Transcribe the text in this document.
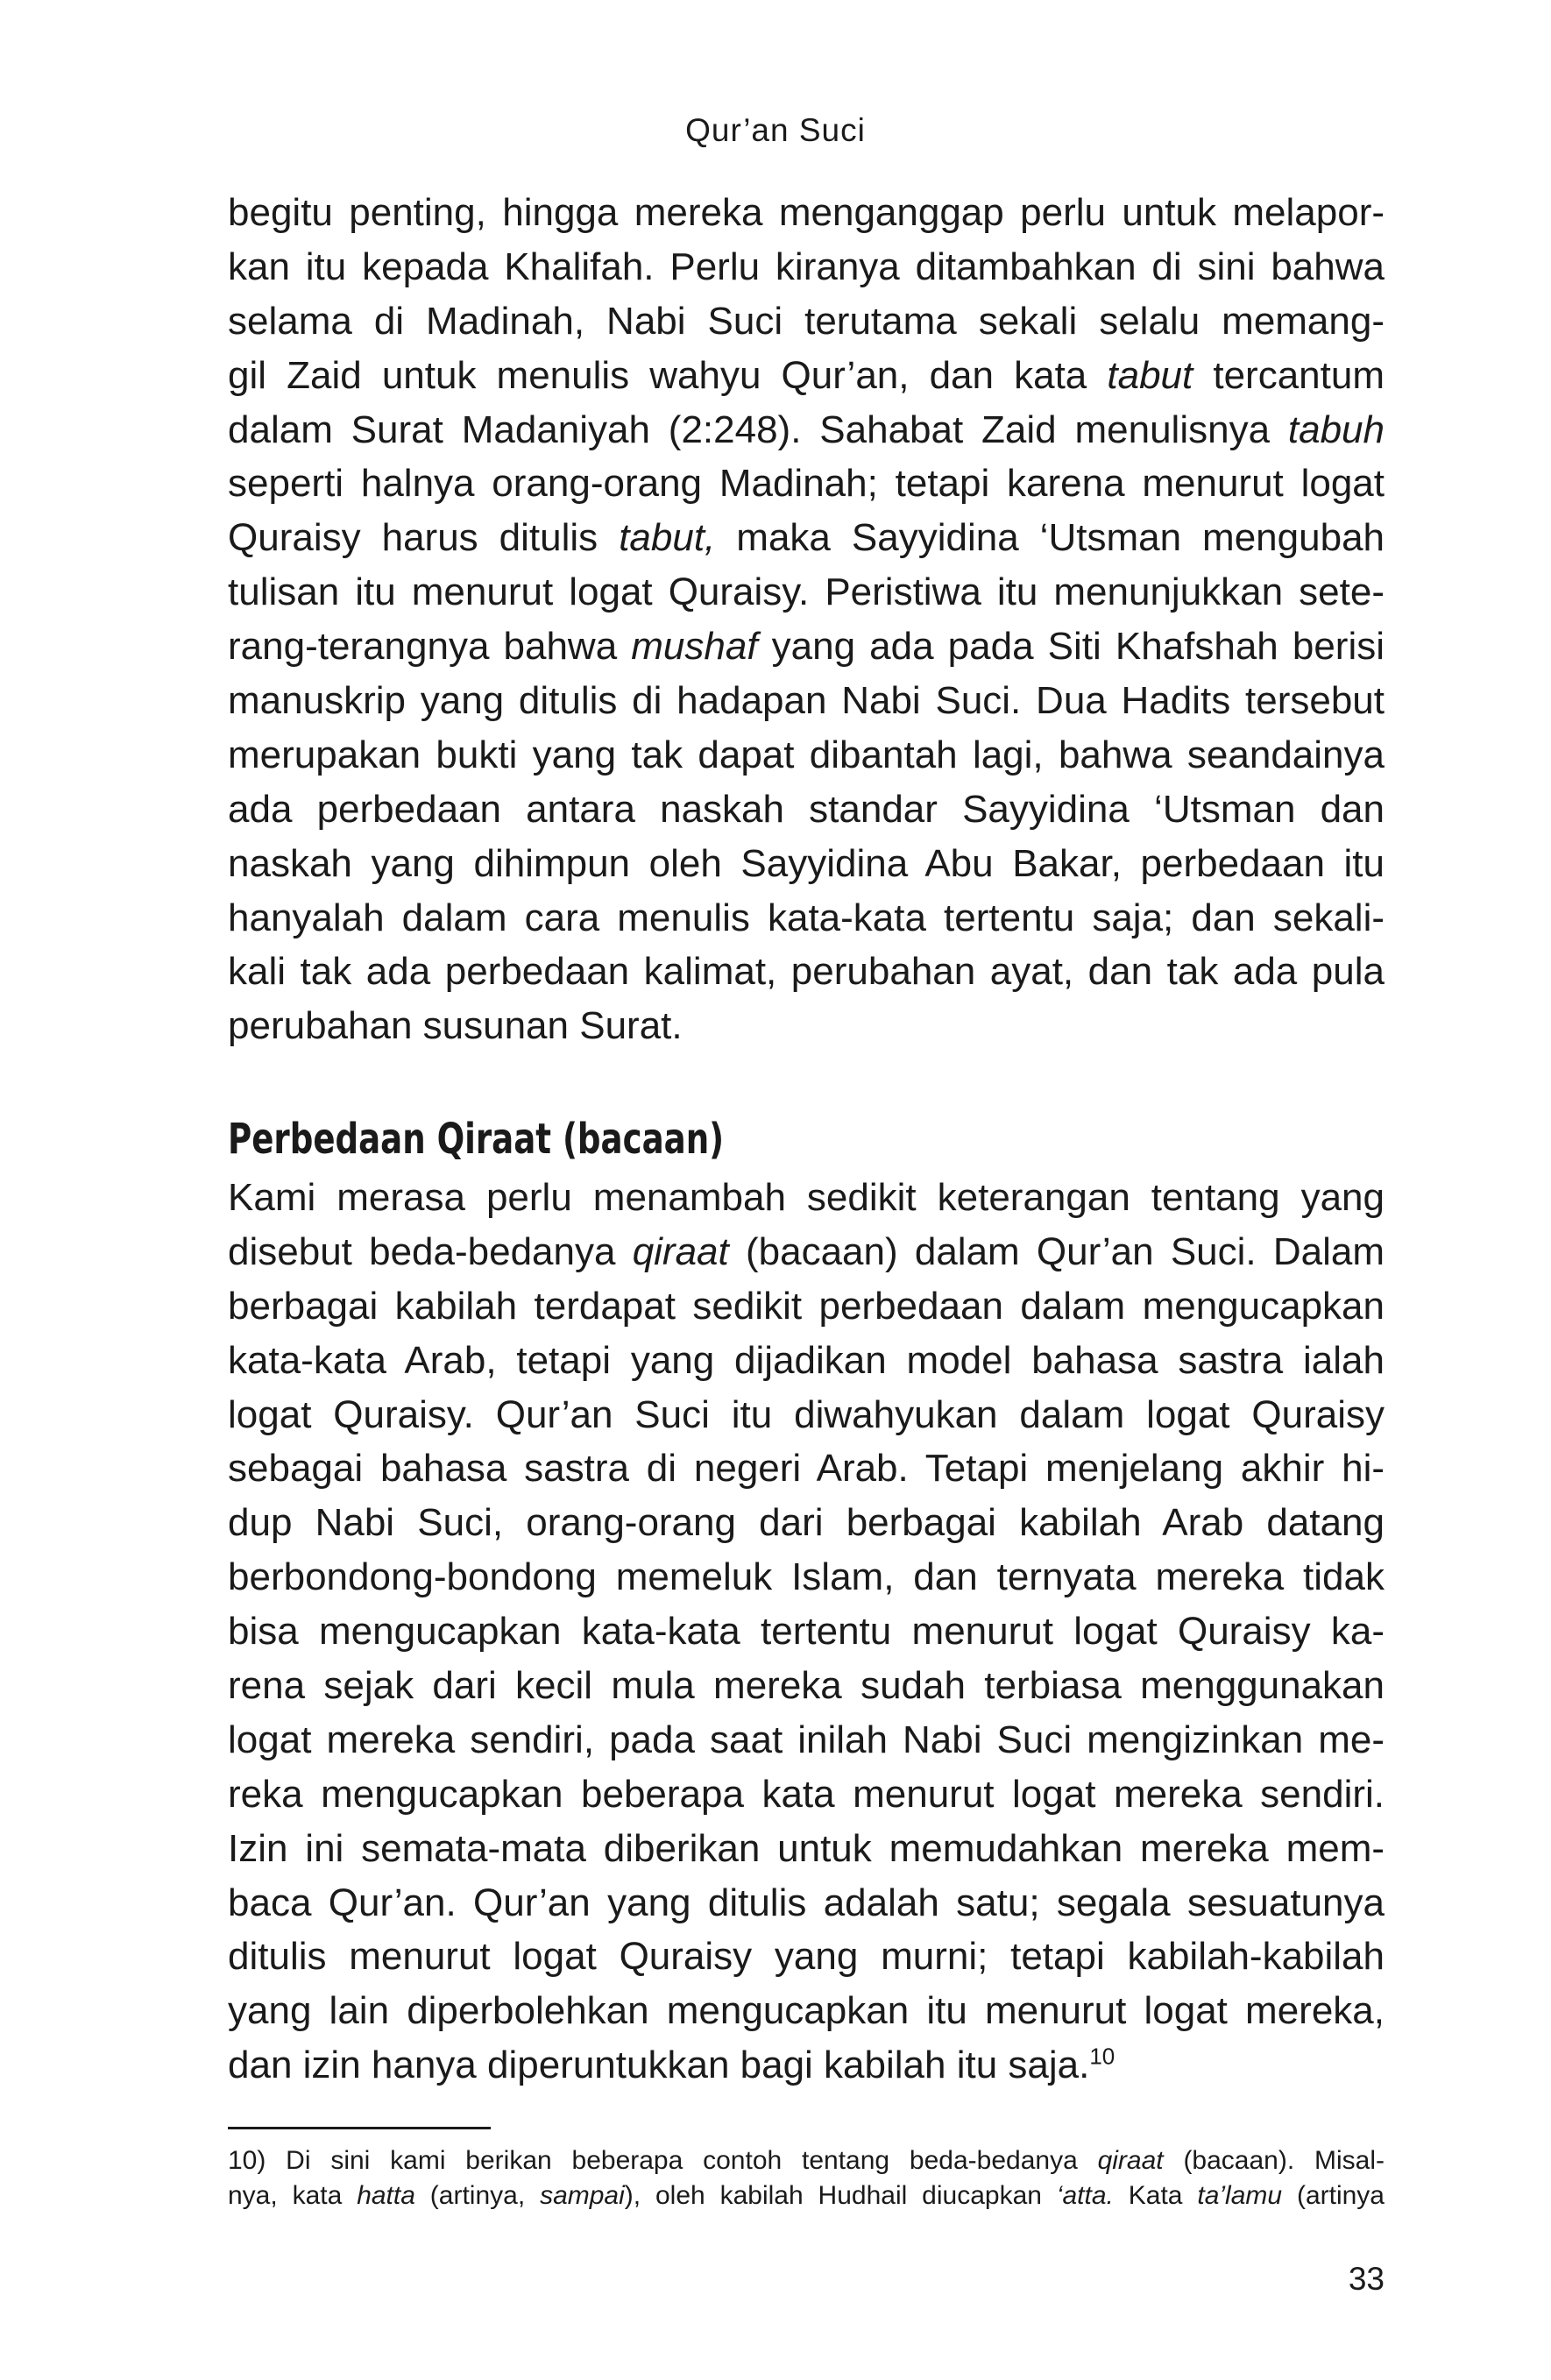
Qur’an Suci
begitu penting, hingga mereka menganggap perlu untuk melapor-
kan itu kepada Khalifah. Perlu kiranya ditambahkan di sini bahwa
selama di Madinah, Nabi Suci terutama sekali selalu memang-
gil Zaid untuk menulis wahyu Qur’an, dan kata tabut tercantum
dalam Surat Madaniyah (2:248). Sahabat Zaid menulisnya tabuh
seperti halnya orang-orang Madinah; tetapi karena menurut logat
Quraisy harus ditulis tabut, maka Sayyidina ‘Utsman mengubah
tulisan itu menurut logat Quraisy. Peristiwa itu menunjukkan sete-
rang-terangnya bahwa mushaf yang ada pada Siti Khafshah berisi
manuskrip yang ditulis di hadapan Nabi Suci. Dua Hadits tersebut
merupakan bukti yang tak dapat dibantah lagi, bahwa seandainya
ada perbedaan antara naskah standar Sayyidina ‘Utsman dan
naskah yang dihimpun oleh Sayyidina Abu Bakar, perbedaan itu
hanyalah dalam cara menulis kata-kata tertentu saja; dan sekali-
kali tak ada perbedaan kalimat, perubahan ayat, dan tak ada pula
perubahan susunan Surat.
Perbedaan Qiraat (bacaan)
Kami merasa perlu menambah sedikit keterangan tentang yang
disebut beda-bedanya qiraat (bacaan) dalam Qur’an Suci. Dalam
berbagai kabilah terdapat sedikit perbedaan dalam mengucapkan
kata-kata Arab, tetapi yang dijadikan model bahasa sastra ialah
logat Quraisy. Qur’an Suci itu diwahyukan dalam logat Quraisy
sebagai bahasa sastra di negeri Arab. Tetapi menjelang akhir hi-
dup Nabi Suci, orang-orang dari berbagai kabilah Arab datang
berbondong-bondong memeluk Islam, dan ternyata mereka tidak
bisa mengucapkan kata-kata tertentu menurut logat Quraisy ka-
rena sejak dari kecil mula mereka sudah terbiasa menggunakan
logat mereka sendiri, pada saat inilah Nabi Suci mengizinkan me-
reka mengucapkan beberapa kata menurut logat mereka sendiri.
Izin ini semata-mata diberikan untuk memudahkan mereka mem-
baca Qur’an. Qur’an yang ditulis adalah satu; segala sesuatunya
ditulis menurut logat Quraisy yang murni; tetapi kabilah-kabilah
yang lain diperbolehkan mengucapkan itu menurut logat mereka,
dan izin hanya diperuntukkan bagi kabilah itu saja.$^{10}$
10) Di sini kami berikan beberapa contoh tentang beda-bedanya qiraat (bacaan). Misal-
nya, kata hatta (artinya, sampai), oleh kabilah Hudhail diucapkan ‘atta. Kata ta’lamu (artinya
33
